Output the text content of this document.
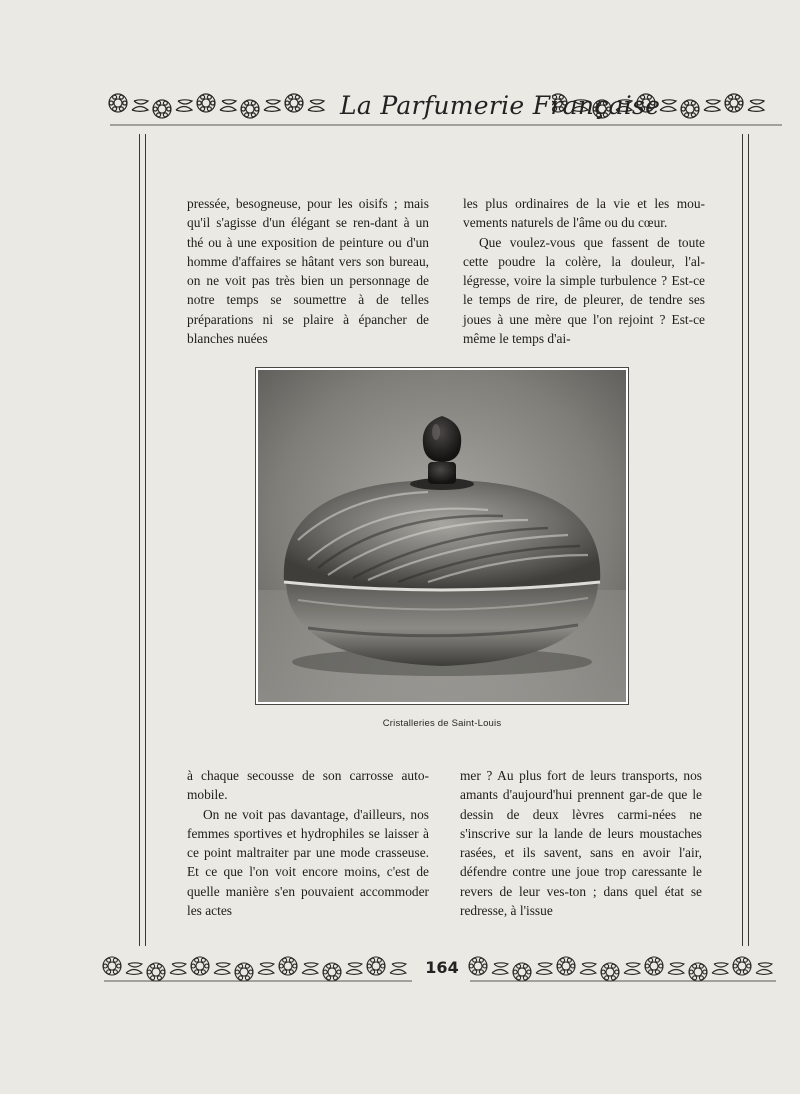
La Parfumerie Française

pressée, besogneuse, pour les oisifs ; mais qu'il s'agisse d'un élégant se ren-dant à un thé ou à une exposition de peinture ou d'un homme d'affaires se hâtant vers son bureau, on ne voit pas très bien un personnage de notre temps se soumettre à de telles préparations ni se plaire à épancher de blanches nuées

les plus ordinaires de la vie et les mou-vements naturels de l'âme ou du cœur.

Que voulez-vous que fassent de toute cette poudre la colère, la douleur, l'al-légresse, voire la simple turbulence ? Est-ce le temps de rire, de pleurer, de tendre ses joues à une mère que l'on rejoint ? Est-ce même le temps d'ai-

Cristalleries de Saint-Louis

à chaque secousse de son carrosse auto-mobile.

On ne voit pas davantage, d'ailleurs, nos femmes sportives et hydrophiles se laisser à ce point maltraiter par une mode crasseuse. Et ce que l'on voit encore moins, c'est de quelle manière s'en pouvaient accommoder les actes

mer ? Au plus fort de leurs transports, nos amants d'aujourd'hui prennent gar-de que le dessin de deux lèvres carmi-nées ne s'inscrive sur la lande de leurs moustaches rasées, et ils savent, sans en avoir l'air, défendre contre une joue trop caressante le revers de leur ves-ton ; dans quel état se redresse, à l'issue

164
